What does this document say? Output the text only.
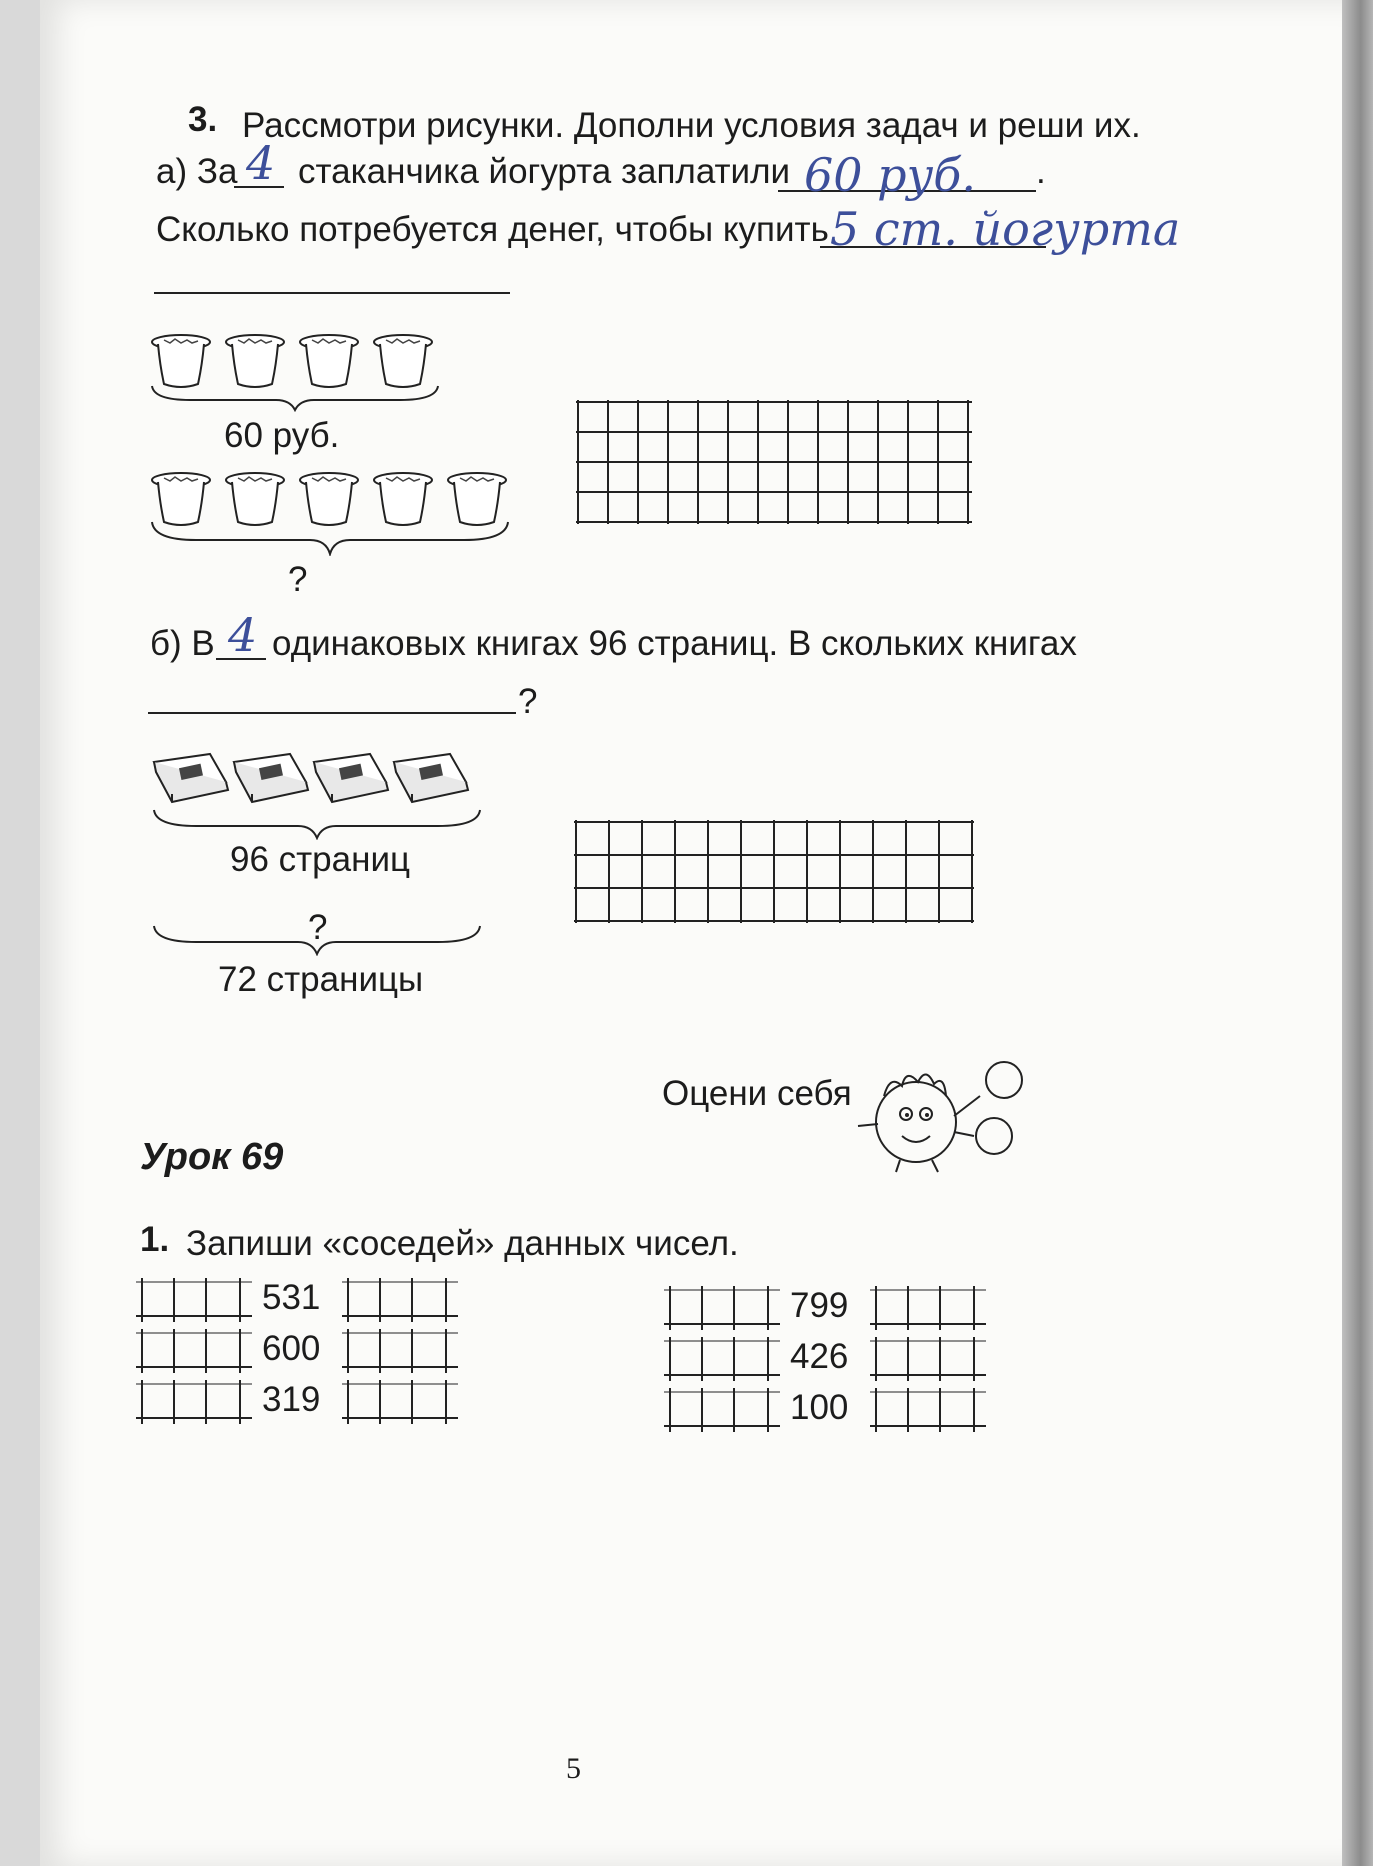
3. Рассмотри рисунки. Дополни условия задач и реши их.
а) За 4 стаканчика йогурта заплатили 60 руб. .
Сколько потребуется денег, чтобы купить 5 ст. йогурта
60 руб.
?
б) В 4 одинаковых книгах 96 страниц. В скольких книгах
?
96 страниц
?
72 страницы
Оцени себя
Урок 69
1. Запиши «соседей» данных чисел.
531
600
319
799
426
100
5
